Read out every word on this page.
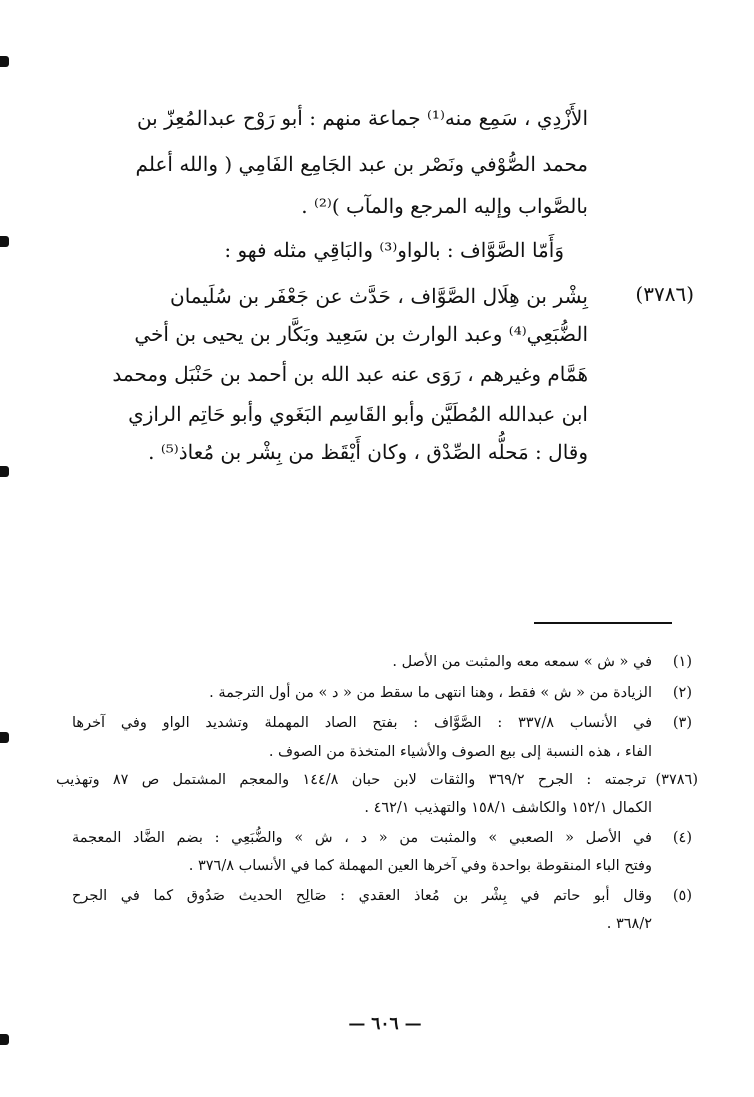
الأَزْدِي ، سَمِع منه⁽¹⁾ جماعة منهم : أبو رَوْح عبدالمُعِزّ بن
محمد الصُّوْفي ونَصْر بن عبد الجَامِع الفَامِي ( والله أعلم
بالصَّواب وإليه المرجع والمآب )⁽²⁾ .
وَأَمّا الصَّوَّاف : بالواو⁽³⁾ والبَاقِي مثله فهو :
(٣٧٨٦)
بِشْر بن هِلَال الصَّوَّاف ، حَدَّث عن جَعْفَر بن سُلَيمان
الضُّبَعِي⁽⁴⁾ وعبد الوارث بن سَعِيد وبَكَّار بن يحيى بن أخي
هَمَّام وغيرهم ، رَوَى عنه عبد الله بن أحمد بن حَنْبَل ومحمد
ابن عبدالله المُطَيَّن وأبو القَاسِم البَغَوي وأبو حَاتِم الرازي
وقال : مَحلُّه الصِّدْق ، وكان أَيْقَظ من بِشْر بن مُعاذ⁽⁵⁾ .
(١)
في « ش » سمعه معه والمثبت من الأصل .
(٢)
الزيادة من « ش » فقط ، وهنا انتهى ما سقط من « د » من أول الترجمة .
(٣)
في الأنساب ٣٣٧/٨ : الصَّوَّاف : بفتح الصاد المهملة وتشديد الواو وفي آخرها
الفاء ، هذه النسبة إلى بيع الصوف والأشياء المتخذة من الصوف .
(٣٧٨٦)
ترجمته : الجرح ٣٦٩/٢ والثقات لابن حبان ١٤٤/٨ والمعجم المشتمل ص ٨٧ وتهذيب
الكمال ١٥٢/١ والكاشف ١٥٨/١ والتهذيب ٤٦٢/١ .
(٤)
في الأصل « الصعبي » والمثبت من « د ، ش » والضُّبَعِي : بضم الضَّاد المعجمة
وفتح الباء المنقوطة بواحدة وفي آخرها العين المهملة كما في الأنساب ٣٧٦/٨ .
(٥)
وقال أبو حاتم في بِشْر بن مُعاذ العقدي : صَالِح الحديث صَدُوق كما في الجرح
٣٦٨/٢ .
— ٦٠٦ —
